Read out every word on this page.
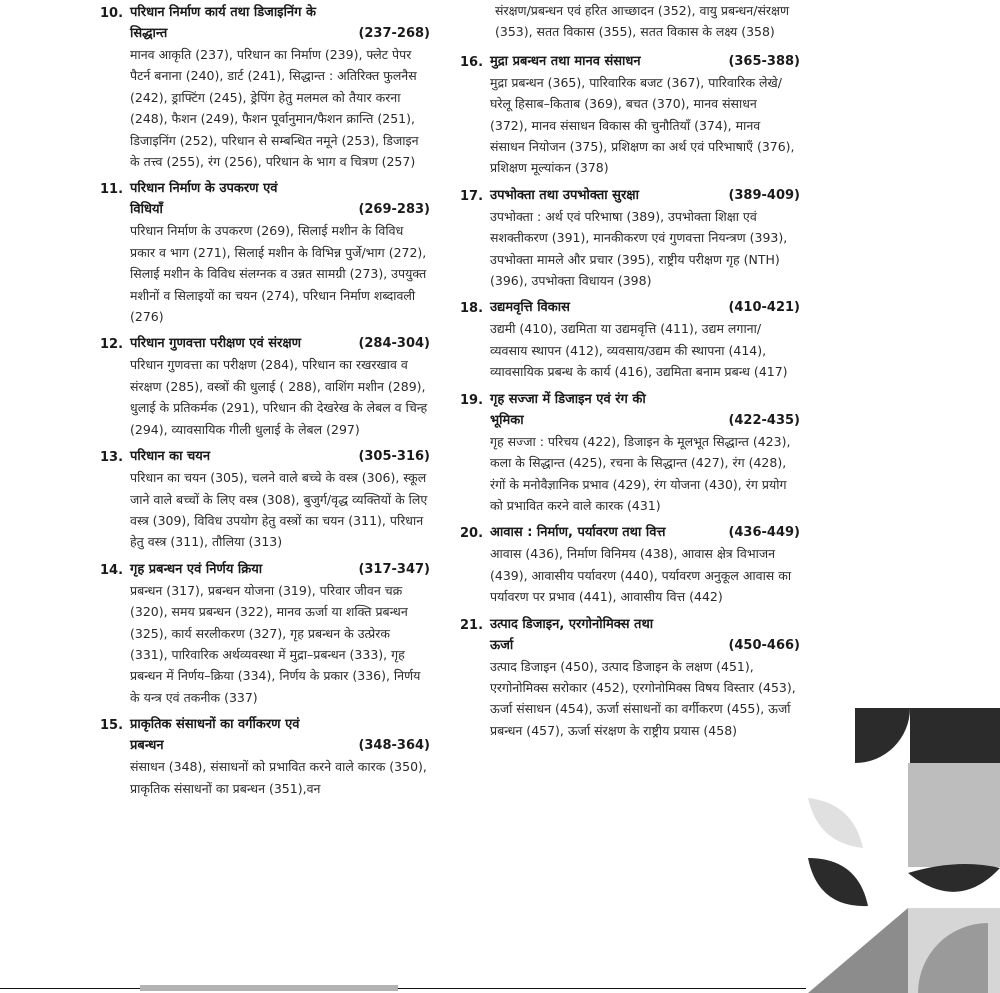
10. परिधान निर्माण कार्य तथा डिजाइनिंग के
सिद्धान्त	(237-268)
मानव आकृति (237), परिधान का निर्माण (239), फ्लेट पेपर पैटर्न बनाना (240), डार्ट (241), सिद्धान्त : अतिरिक्त फुलनैस (242), ड्राफ्टिंग (245), ड्रेपिंग हेतु मलमल को तैयार करना (248), फैशन (249), फैशन पूर्वानुमान/फैशन क्रान्ति (251), डिजाइनिंग (252), परिधान से सम्बन्धित नमूने (253), डिजाइन के तत्त्व (255), रंग (256), परिधान के भाग व चित्रण (257)
11. परिधान निर्माण के उपकरण एवं
विधियाँ	(269-283)
परिधान निर्माण के उपकरण (269), सिलाई मशीन के विविध प्रकार व भाग (271), सिलाई मशीन के विभिन्न पुर्जे/भाग (272), सिलाई मशीन के विविध संलग्नक व उन्नत सामग्री (273), उपयुक्त मशीनों व सिलाइयों का चयन (274), परिधान निर्माण शब्दावली (276)
12. परिधान गुणवत्ता परीक्षण एवं संरक्षण	(284-304)
परिधान गुणवत्ता का परीक्षण (284), परिधान का रखरखाव व संरक्षण (285), वस्त्रों की धुलाई ( 288), वाशिंग मशीन (289), धुलाई के प्रतिकर्मक (291), परिधान की देखरेख के लेबल व चिन्ह (294), व्यावसायिक गीली धुलाई के लेबल (297)
13. परिधान का चयन	(305-316)
परिधान का चयन (305), चलने वाले बच्चे के वस्त्र (306), स्कूल जाने वाले बच्चों के लिए वस्त्र (308), बुजुर्ग/वृद्ध व्यक्तियों के लिए वस्त्र (309), विविध उपयोग हेतु वस्त्रों का चयन (311), परिधान हेतु वस्त्र (311), तौलिया (313)
14. गृह प्रबन्धन एवं निर्णय क्रिया	(317-347)
प्रबन्धन (317), प्रबन्धन योजना (319), परिवार जीवन चक्र (320), समय प्रबन्धन (322), मानव ऊर्जा या शक्ति प्रबन्धन (325), कार्य सरलीकरण (327), गृह प्रबन्धन के उत्प्रेरक (331), पारिवारिक अर्थव्यवस्था में मुद्रा–प्रबन्धन (333), गृह प्रबन्धन में निर्णय–क्रिया (334), निर्णय के प्रकार (336), निर्णय के यन्त्र एवं तकनीक (337)
15. प्राकृतिक संसाधनों का वर्गीकरण एवं
प्रबन्धन	(348-364)
संसाधन (348), संसाधनों को प्रभावित करने वाले कारक (350), प्राकृतिक संसाधनों का प्रबन्धन (351),वन
संरक्षण/प्रबन्धन एवं हरित आच्छादन (352), वायु प्रबन्धन/संरक्षण (353), सतत विकास (355), सतत विकास के लक्ष्य (358)
16. मुद्रा प्रबन्धन तथा मानव संसाधन	(365-388)
मुद्रा प्रबन्धन (365), पारिवारिक बजट (367), पारिवारिक लेखे/घरेलू हिसाब–किताब (369), बचत (370), मानव संसाधन (372), मानव संसाधन विकास की चुनौतियाँ (374), मानव संसाधन नियोजन (375), प्रशिक्षण का अर्थ एवं परिभाषाएँ (376), प्रशिक्षण मूल्यांकन (378)
17. उपभोक्ता तथा उपभोक्ता सुरक्षा	(389-409)
उपभोक्ता : अर्थ एवं परिभाषा (389), उपभोक्ता शिक्षा एवं सशक्तीकरण (391), मानकीकरण एवं गुणवत्ता नियन्त्रण (393), उपभोक्ता मामले और प्रचार (395), राष्ट्रीय परीक्षण गृह (NTH) (396), उपभोक्ता विधायन (398)
18. उद्यमवृत्ति विकास	(410-421)
उद्यमी (410), उद्यमिता या उद्यमवृत्ति (411), उद्यम लगाना/ व्यवसाय स्थापन (412), व्यवसाय/उद्यम की स्थापना (414), व्यावसायिक प्रबन्ध के कार्य (416), उद्यमिता बनाम प्रबन्ध (417)
19. गृह सज्जा में डिजाइन एवं रंग की
भूमिका	(422-435)
गृह सज्जा : परिचय (422), डिजाइन के मूलभूत सिद्धान्त (423), कला के सिद्धान्त (425), रचना के सिद्धान्त (427), रंग (428), रंगों के मनोवैज्ञानिक प्रभाव (429), रंग योजना (430), रंग प्रयोग को प्रभावित करने वाले कारक (431)
20. आवास : निर्माण, पर्यावरण तथा वित्त	(436-449)
आवास (436), निर्माण विनिमय (438), आवास क्षेत्र विभाजन (439), आवासीय पर्यावरण (440), पर्यावरण अनुकूल आवास का पर्यावरण पर प्रभाव (441), आवासीय वित्त (442)
21. उत्पाद डिजाइन, एरगोनोमिक्स तथा
ऊर्जा	(450-466)
उत्पाद डिजाइन (450), उत्पाद डिजाइन के लक्षण (451), एरगोनोमिक्स सरोकार (452), एरगोनोमिक्स विषय विस्तार (453), ऊर्जा संसाधन (454), ऊर्जा संसाधनों का वर्गीकरण (455), ऊर्जा प्रबन्धन (457), ऊर्जा संरक्षण के राष्ट्रीय प्रयास (458)
